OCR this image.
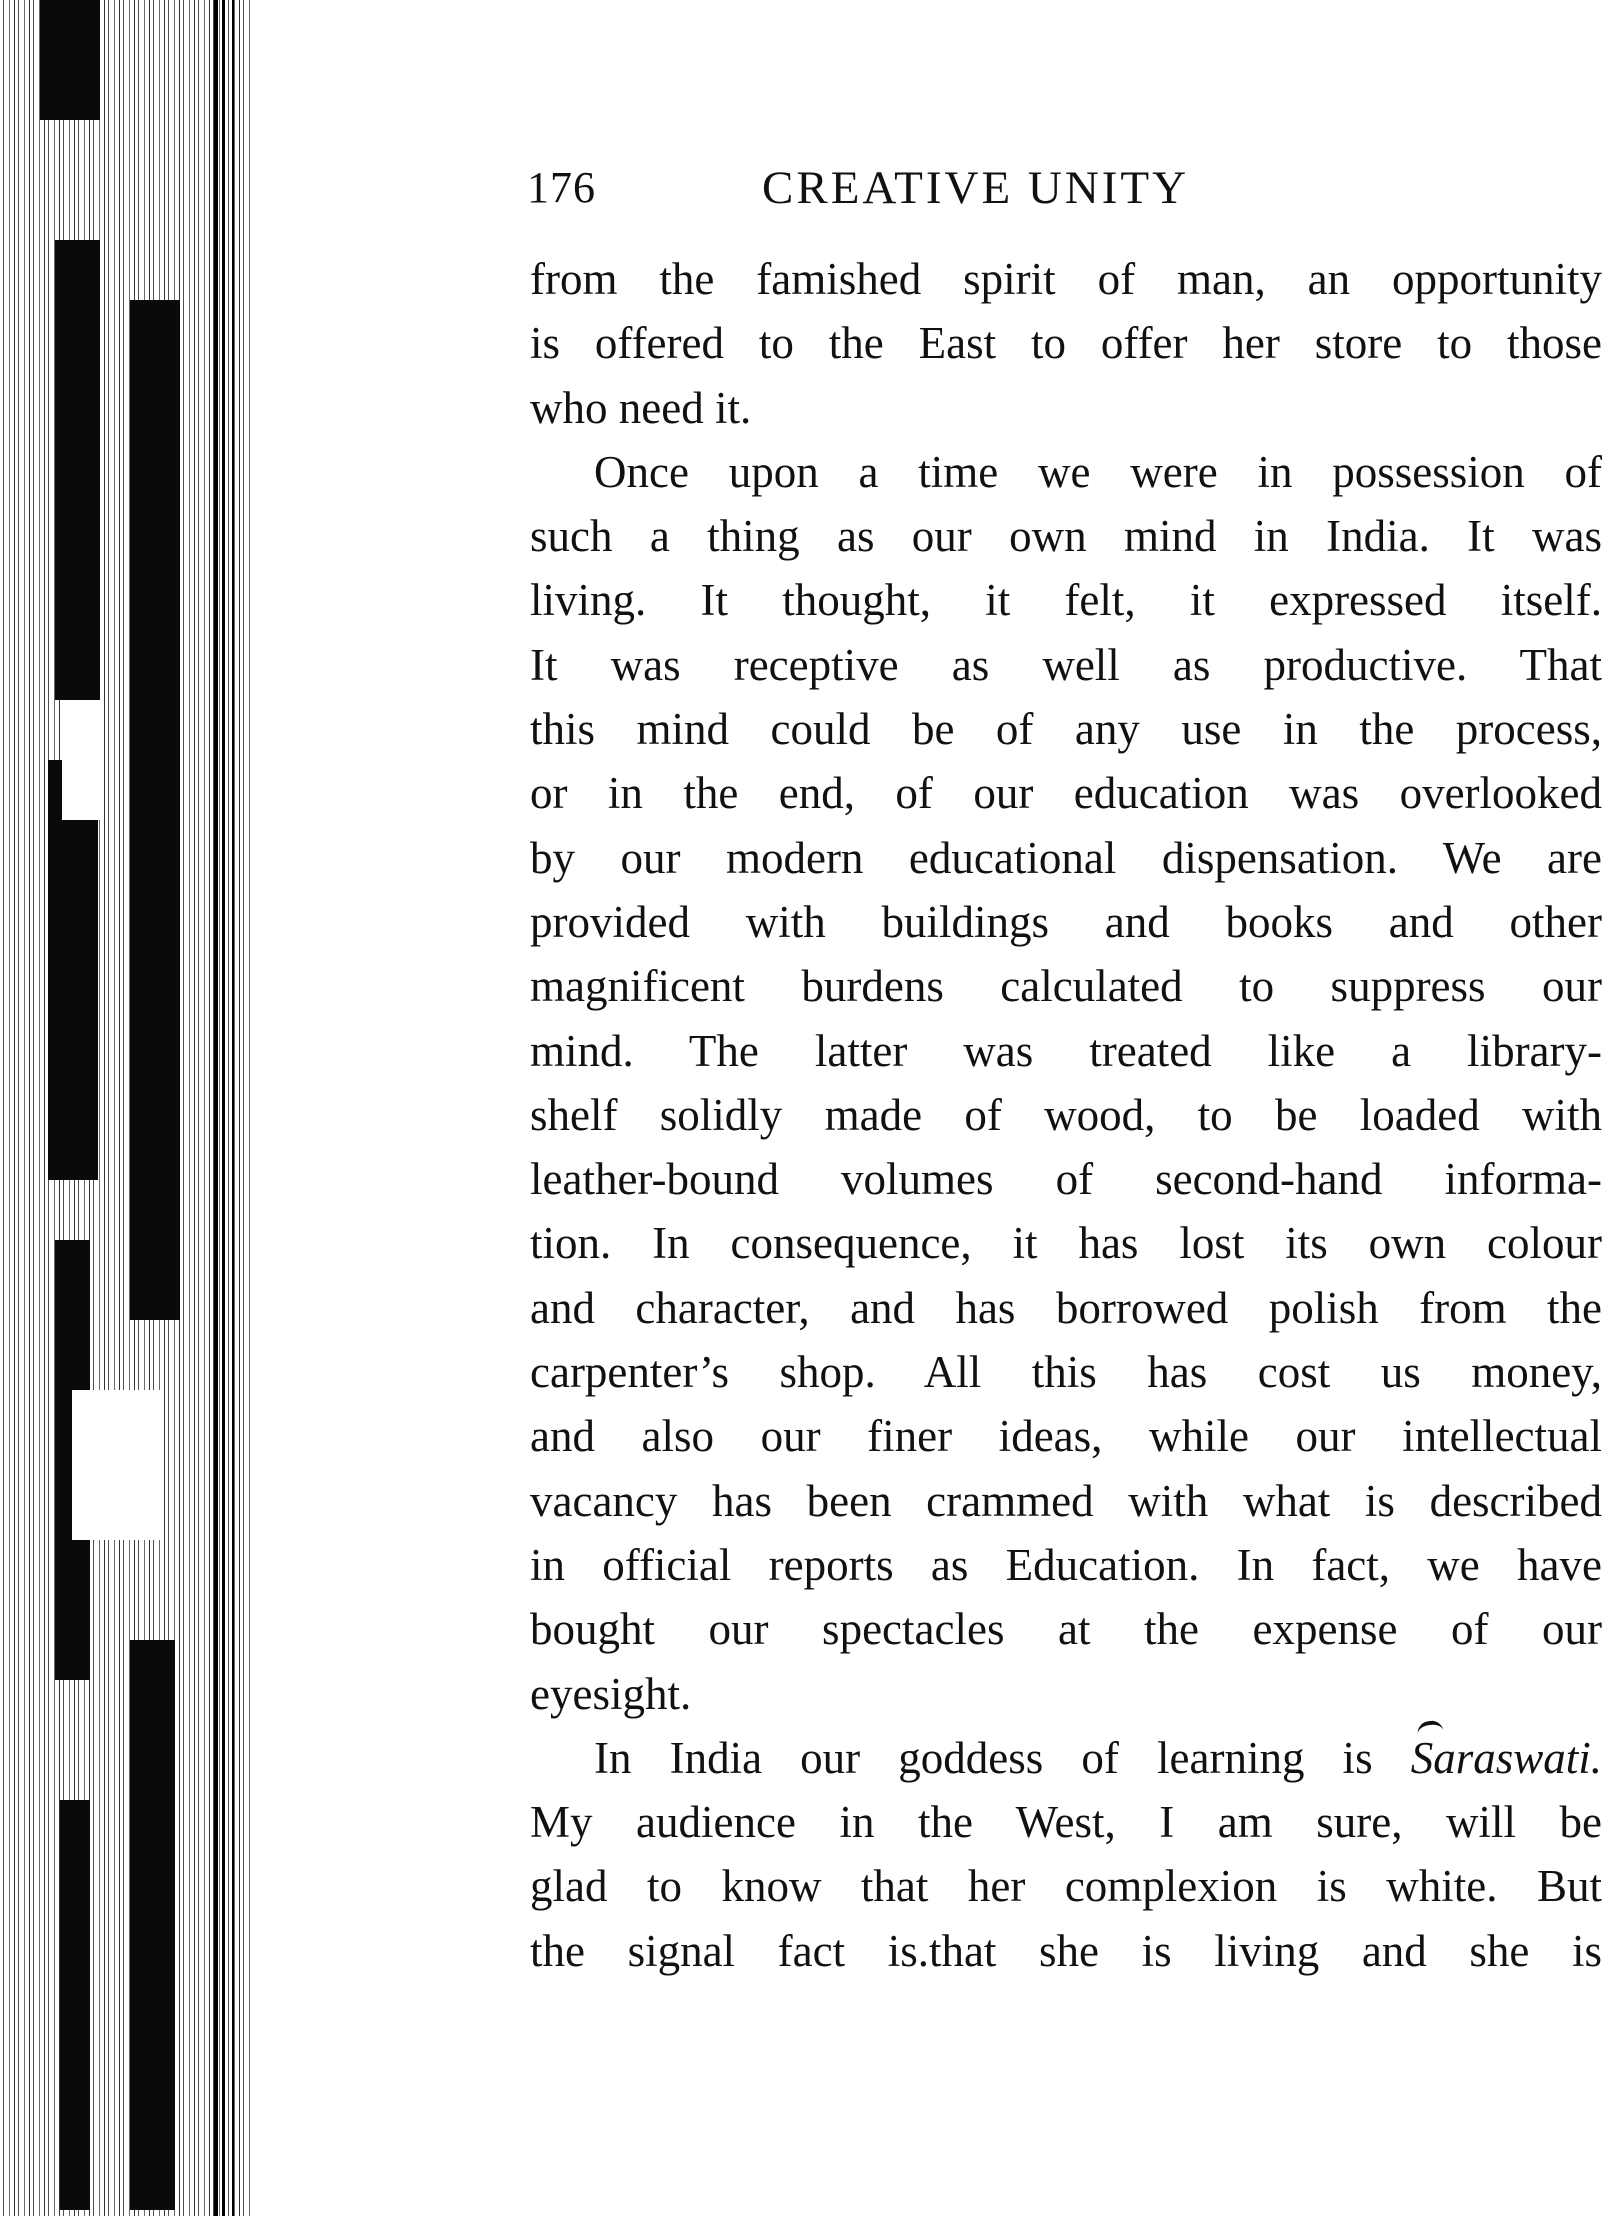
176	CREATIVE UNITY
from the famished spirit of man, an opportunity
is offered to the East to offer her store to those
who need it.
Once upon a time we were in possession of
such a thing as our own mind in India. It was
living. It thought, it felt, it expressed itself.
It was receptive as well as productive. That
this mind could be of any use in the process,
or in the end, of our education was overlooked
by our modern educational dispensation. We are
provided with buildings and books and other
magnificent burdens calculated to suppress our
mind. The latter was treated like a library-
shelf solidly made of wood, to be loaded with
leather-bound volumes of second-hand informa-
tion. In consequence, it has lost its own colour
and character, and has borrowed polish from the
carpenter’s shop. All this has cost us money,
and also our finer ideas, while our intellectual
vacancy has been crammed with what is described
in official reports as Education. In fact, we have
bought our spectacles at the expense of our
eyesight.
In India our goddess of learning is Saraswati.
My audience in the West, I am sure, will be
glad to know that her complexion is white. But
the signal fact is.that she is living and she is
